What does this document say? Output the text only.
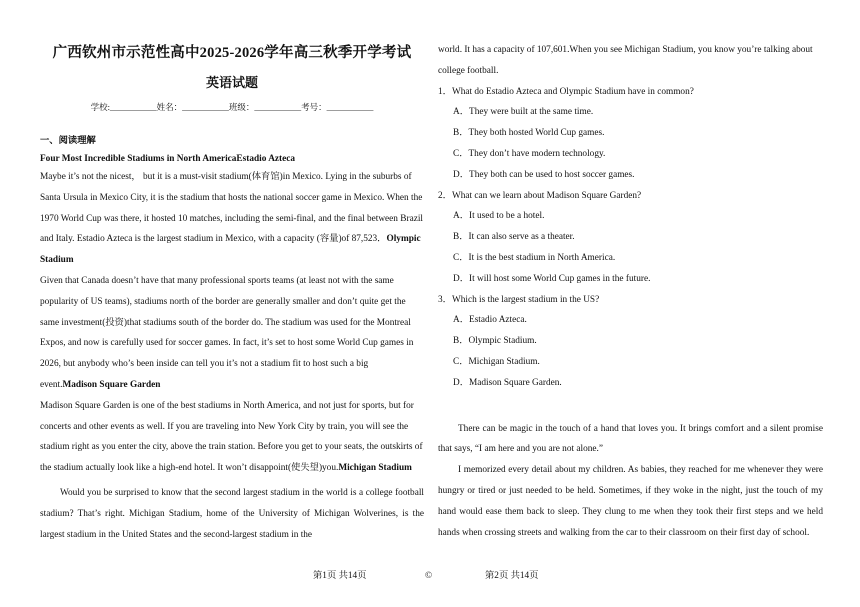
广西钦州市示范性高中2025-2026学年高三秋季开学考试
英语试题
学校:___________姓名：___________班级：___________考号：___________
一、阅读理解
Four Most Incredible Stadiums in North AmericaEstadio Azteca

Maybe it’s not the nicest， but it is a must-visit stadium(体育馆)in Mexico. Lying in the suburbs of Santa Ursula in Mexico City, it is the stadium that hosts the national soccer game in Mexico. When the 1970 World Cup was there, it hosted 10 matches, including the semi-final, and the final between Brazil and Italy. Estadio Azteca is the largest stadium in Mexico, with a capacity (容量)of 87,523．Olympic Stadium

Given that Canada doesn’t have that many professional sports teams (at least not with the same popularity of US teams), stadiums north of the border are generally smaller and don’t quite get the same investment(投资)that stadiums south of the border do. The stadium was used for the Montreal Expos, and now is carefully used for soccer games. In fact, it’s set to host some World Cup games in 2026, but anybody who’s been inside can tell you it’s not a stadium fit to host such a big event.Madison Square Garden

Madison Square Garden is one of the best stadiums in North America, and not just for sports, but for concerts and other events as well. If you are traveling into New York City by train, you will see the stadium right as you enter the city, above the train station. Before you get to your seats, the outskirts of the stadium actually look like a high-end hotel. It won’t disappoint(使失望)you.Michigan Stadium

Would you be surprised to know that the second largest stadium in the world is a college football stadium? That’s right. Michigan Stadium, home of the University of Michigan Wolverines, is the largest stadium in the United States and the second-largest stadium in the

world. It has a capacity of 107,601.When you see Michigan Stadium, you know you’re talking about college football.

1．What do Estadio Azteca and Olympic Stadium have in common?

A．They were built at the same time.

B．They both hosted World Cup games.

C．They don’t have modern technology.

D．They both can be used to host soccer games.

2．What can we learn about Madison Square Garden?

A．It used to be a hotel.

B．It can also serve as a theater.

C．It is the best stadium in North America.

D．It will host some World Cup games in the future.

3．Which is the largest stadium in the US?

A．Estadio Azteca.

B．Olympic Stadium.

C．Michigan Stadium.

D．Madison Square Garden.

There can be magic in the touch of a hand that loves you. It brings comfort and a silent promise that says, “I am here and you are not alone.”

I memorized every detail about my children. As babies, they reached for me whenever they were hungry or tired or just needed to be held. Sometimes, if they woke in the night, just the touch of my hand would ease them back to sleep. They clung to me when they took their first steps and we held hands when crossing streets and walking from the car to their classroom on their first day of school.

第1页 共14页	©	第2页 共14页
